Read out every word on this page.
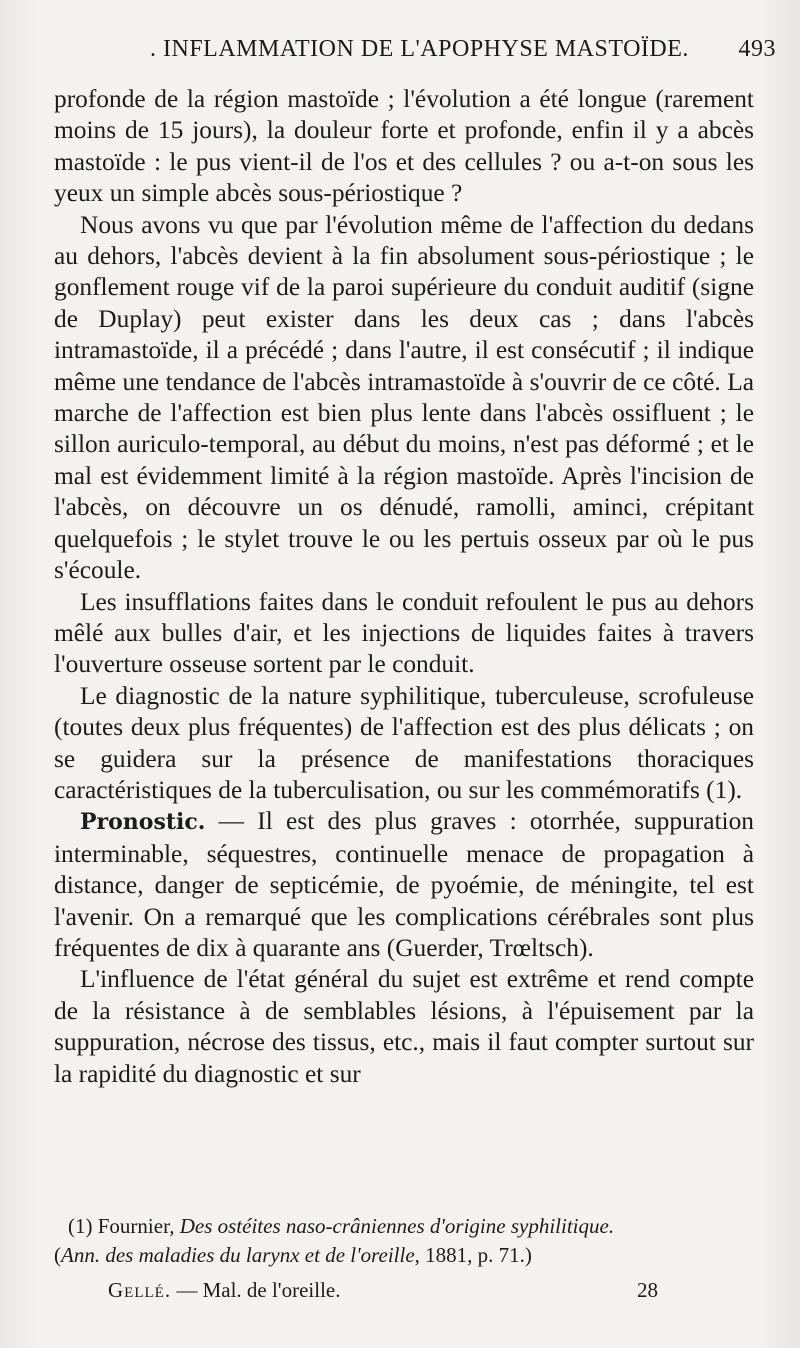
. INFLAMMATION DE L'APOPHYSE MASTOÏDE. 493

profonde de la région mastoïde ; l'évolution a été longue (rarement moins de 15 jours), la douleur forte et profonde, enfin il y a abcès mastoïde : le pus vient-il de l'os et des cellules ? ou a-t-on sous les yeux un simple abcès sous-périostique ?

Nous avons vu que par l'évolution même de l'affection du dedans au dehors, l'abcès devient à la fin absolument sous-périostique ; le gonflement rouge vif de la paroi supérieure du conduit auditif (signe de Duplay) peut exister dans les deux cas ; dans l'abcès intramastoïde, il a précédé ; dans l'autre, il est consécutif ; il indique même une tendance de l'abcès intramastoïde à s'ouvrir de ce côté. La marche de l'affection est bien plus lente dans l'abcès ossifluent ; le sillon auriculo-temporal, au début du moins, n'est pas déformé ; et le mal est évidemment limité à la région mastoïde. Après l'incision de l'abcès, on découvre un os dénudé, ramolli, aminci, crépitant quelquefois ; le stylet trouve le ou les pertuis osseux par où le pus s'écoule.

Les insufflations faites dans le conduit refoulent le pus au dehors mêlé aux bulles d'air, et les injections de liquides faites à travers l'ouverture osseuse sortent par le conduit.

Le diagnostic de la nature syphilitique, tuberculeuse, scrofuleuse (toutes deux plus fréquentes) de l'affection est des plus délicats ; on se guidera sur la présence de manifestations thoraciques caractéristiques de la tuberculisation, ou sur les commémoratifs (1).

Pronostic. — Il est des plus graves : otorrhée, suppuration interminable, séquestres, continuelle menace de propagation à distance, danger de septicémie, de pyoémie, de méningite, tel est l'avenir. On a remarqué que les complications cérébrales sont plus fréquentes de dix à quarante ans (Guerder, Trœltsch).

L'influence de l'état général du sujet est extrême et rend compte de la résistance à de semblables lésions, à l'épuisement par la suppuration, nécrose des tissus, etc., mais il faut compter surtout sur la rapidité du diagnostic et sur

(1) Fournier, Des ostéites naso-crâniennes d'origine syphilitique.

(Ann. des maladies du larynx et de l'oreille, 1881, p. 71.)

Gellé. — Mal. de l'oreille.	28
